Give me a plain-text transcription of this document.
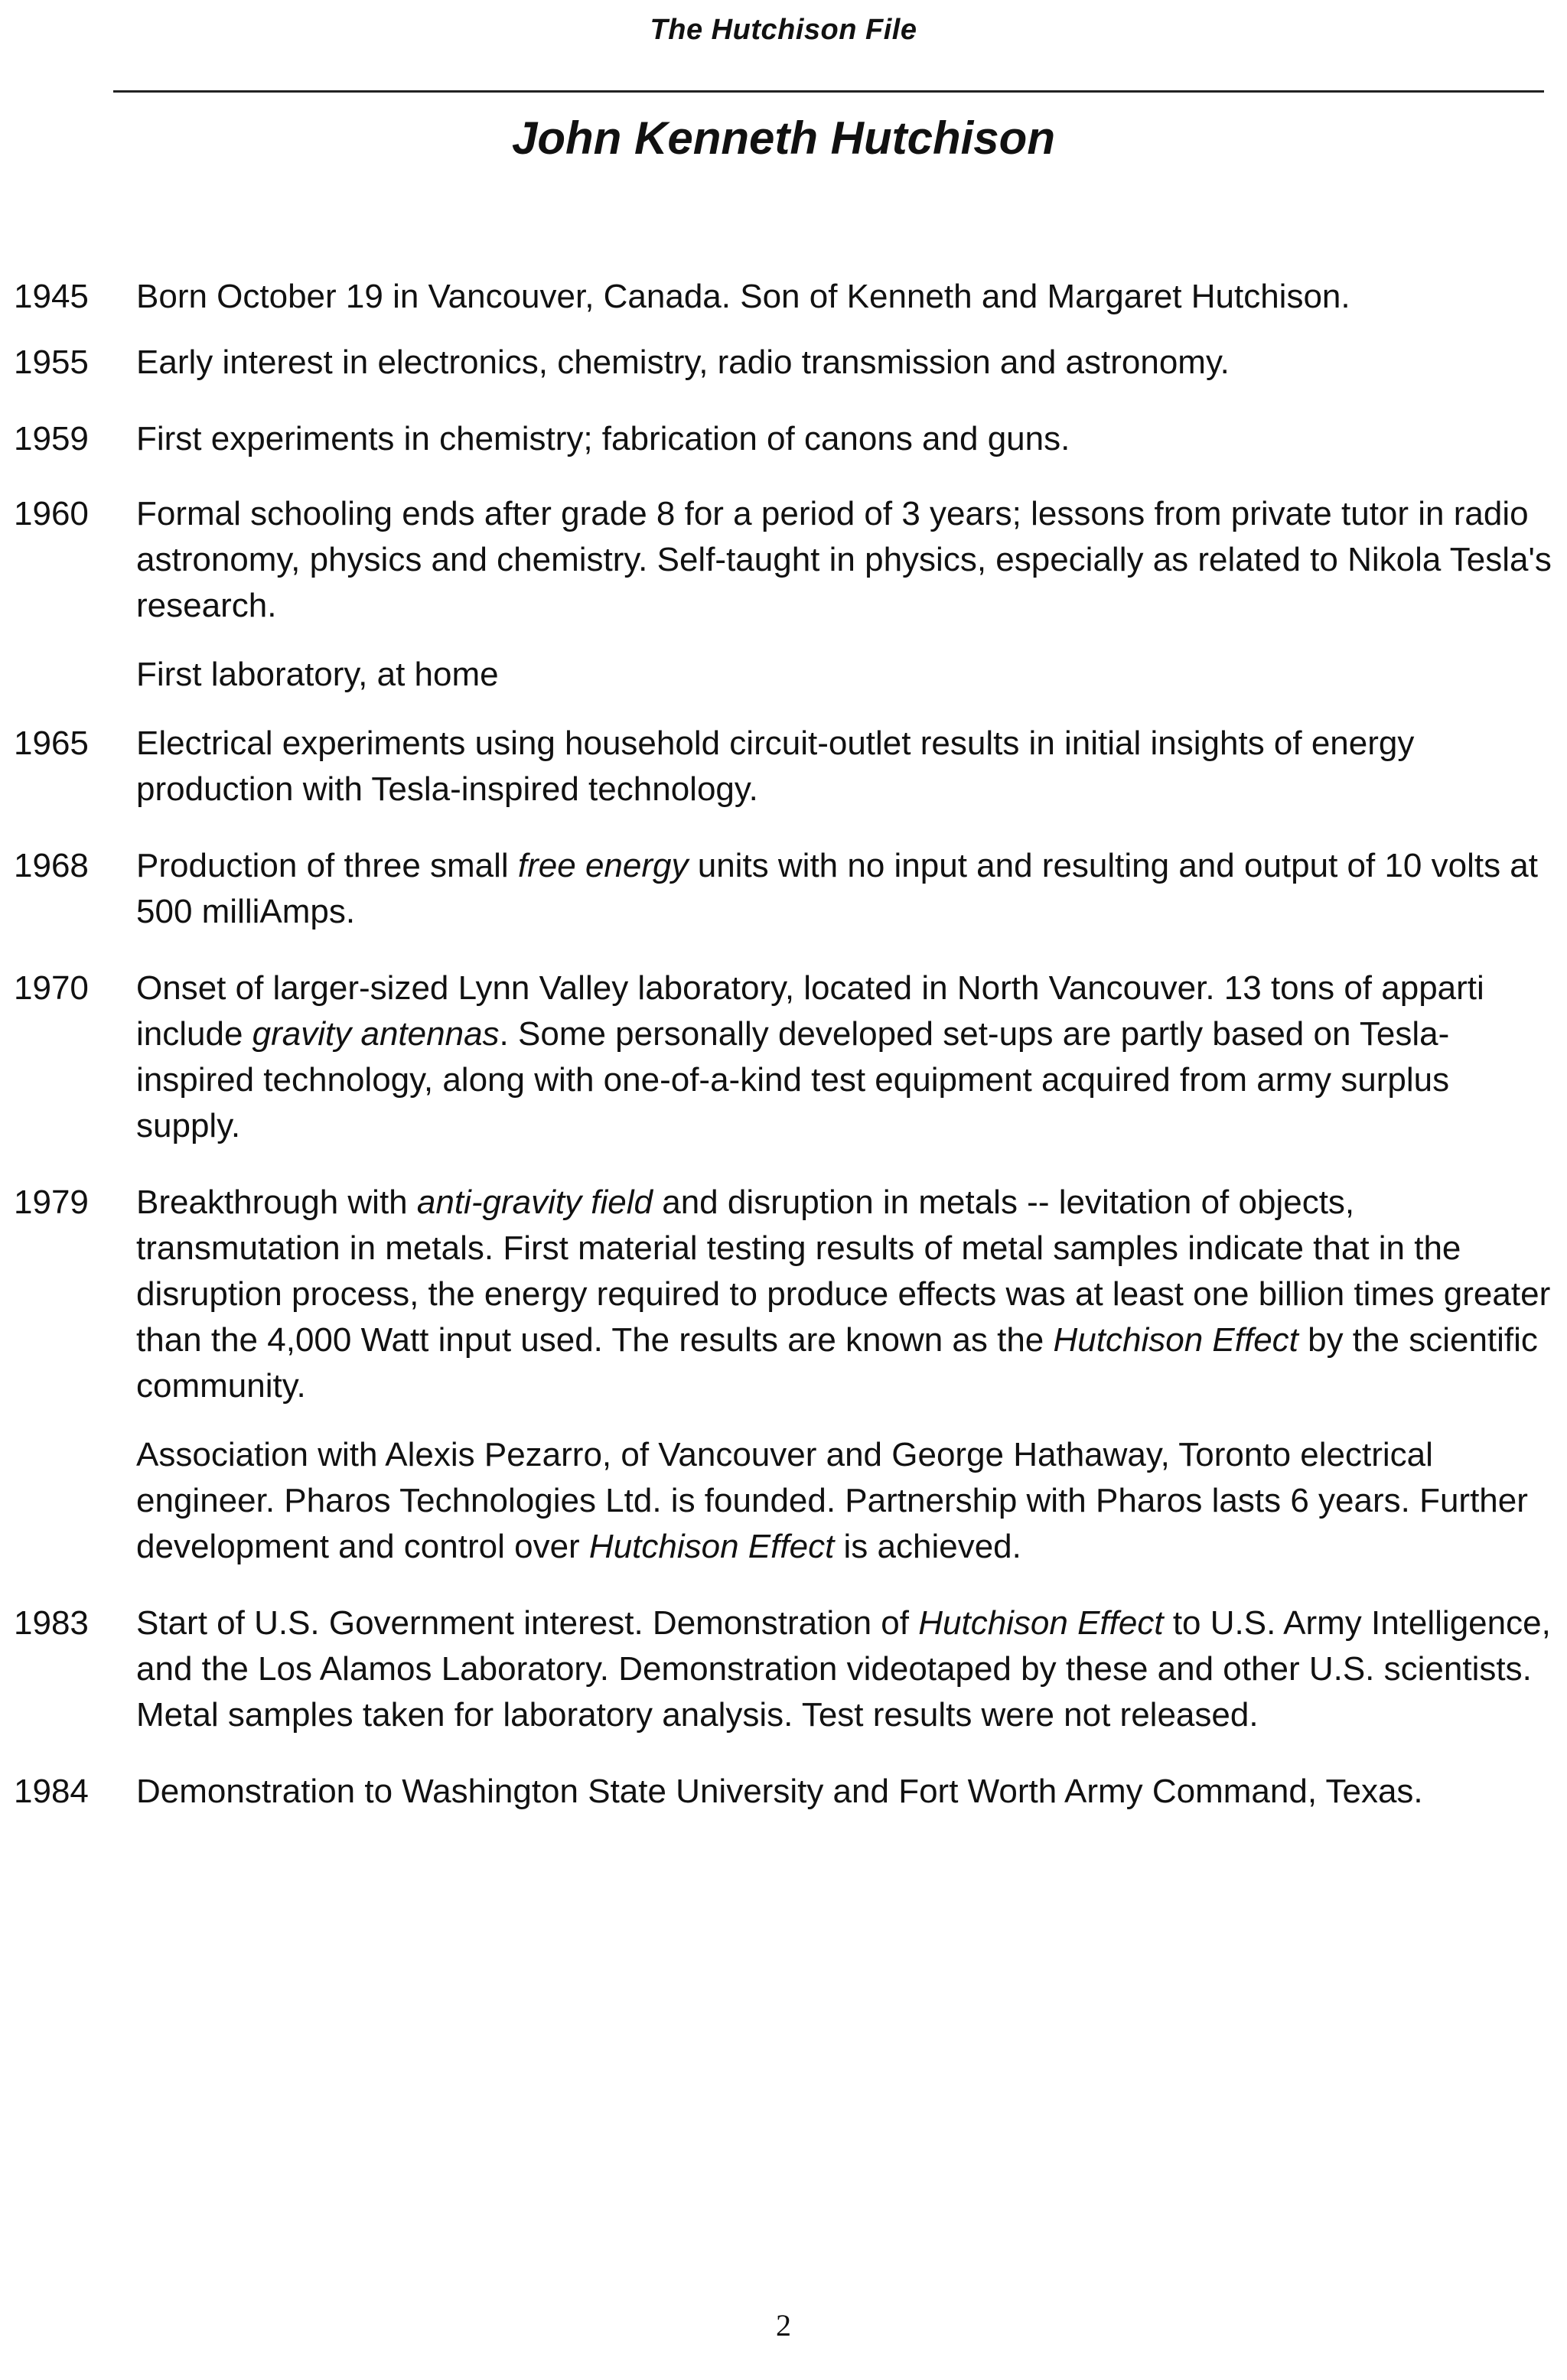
The Hutchison File
John Kenneth Hutchison
1945 Born October 19 in Vancouver, Canada. Son of Kenneth and Margaret Hutchison.

1955 Early interest in electronics, chemistry, radio transmission and astronomy.

1959 First experiments in chemistry; fabrication of canons and guns.

1960 Formal schooling ends after grade 8 for a period of 3 years; lessons from private tutor in radio astronomy, physics and chemistry. Self-taught in physics, especially as related to Nikola Tesla's research.

First laboratory, at home

1965 Electrical experiments using household circuit-outlet results in initial insights of energy production with Tesla-inspired technology.

1968 Production of three small free energy units with no input and resulting and output of 10 volts at 500 milliAmps.

1970 Onset of larger-sized Lynn Valley laboratory, located in North Vancouver. 13 tons of apparti include gravity antennas. Some personally developed set-ups are partly based on Tesla-inspired technology, along with one-of-a-kind test equipment acquired from army surplus supply.

1979 Breakthrough with anti-gravity field and disruption in metals -- levitation of objects, transmutation in metals. First material testing results of metal samples indicate that in the disruption process, the energy required to produce effects was at least one billion times greater than the 4,000 Watt input used. The results are known as the Hutchison Effect by the scientific community.

Association with Alexis Pezarro, of Vancouver and George Hathaway, Toronto electrical engineer. Pharos Technologies Ltd. is founded. Partnership with Pharos lasts 6 years. Further development and control over Hutchison Effect is achieved.

1983 Start of U.S. Government interest. Demonstration of Hutchison Effect to U.S. Army Intelligence, and the Los Alamos Laboratory. Demonstration videotaped by these and other U.S. scientists. Metal samples taken for laboratory analysis. Test results were not released.

1984 Demonstration to Washington State University and Fort Worth Army Command, Texas.

2
